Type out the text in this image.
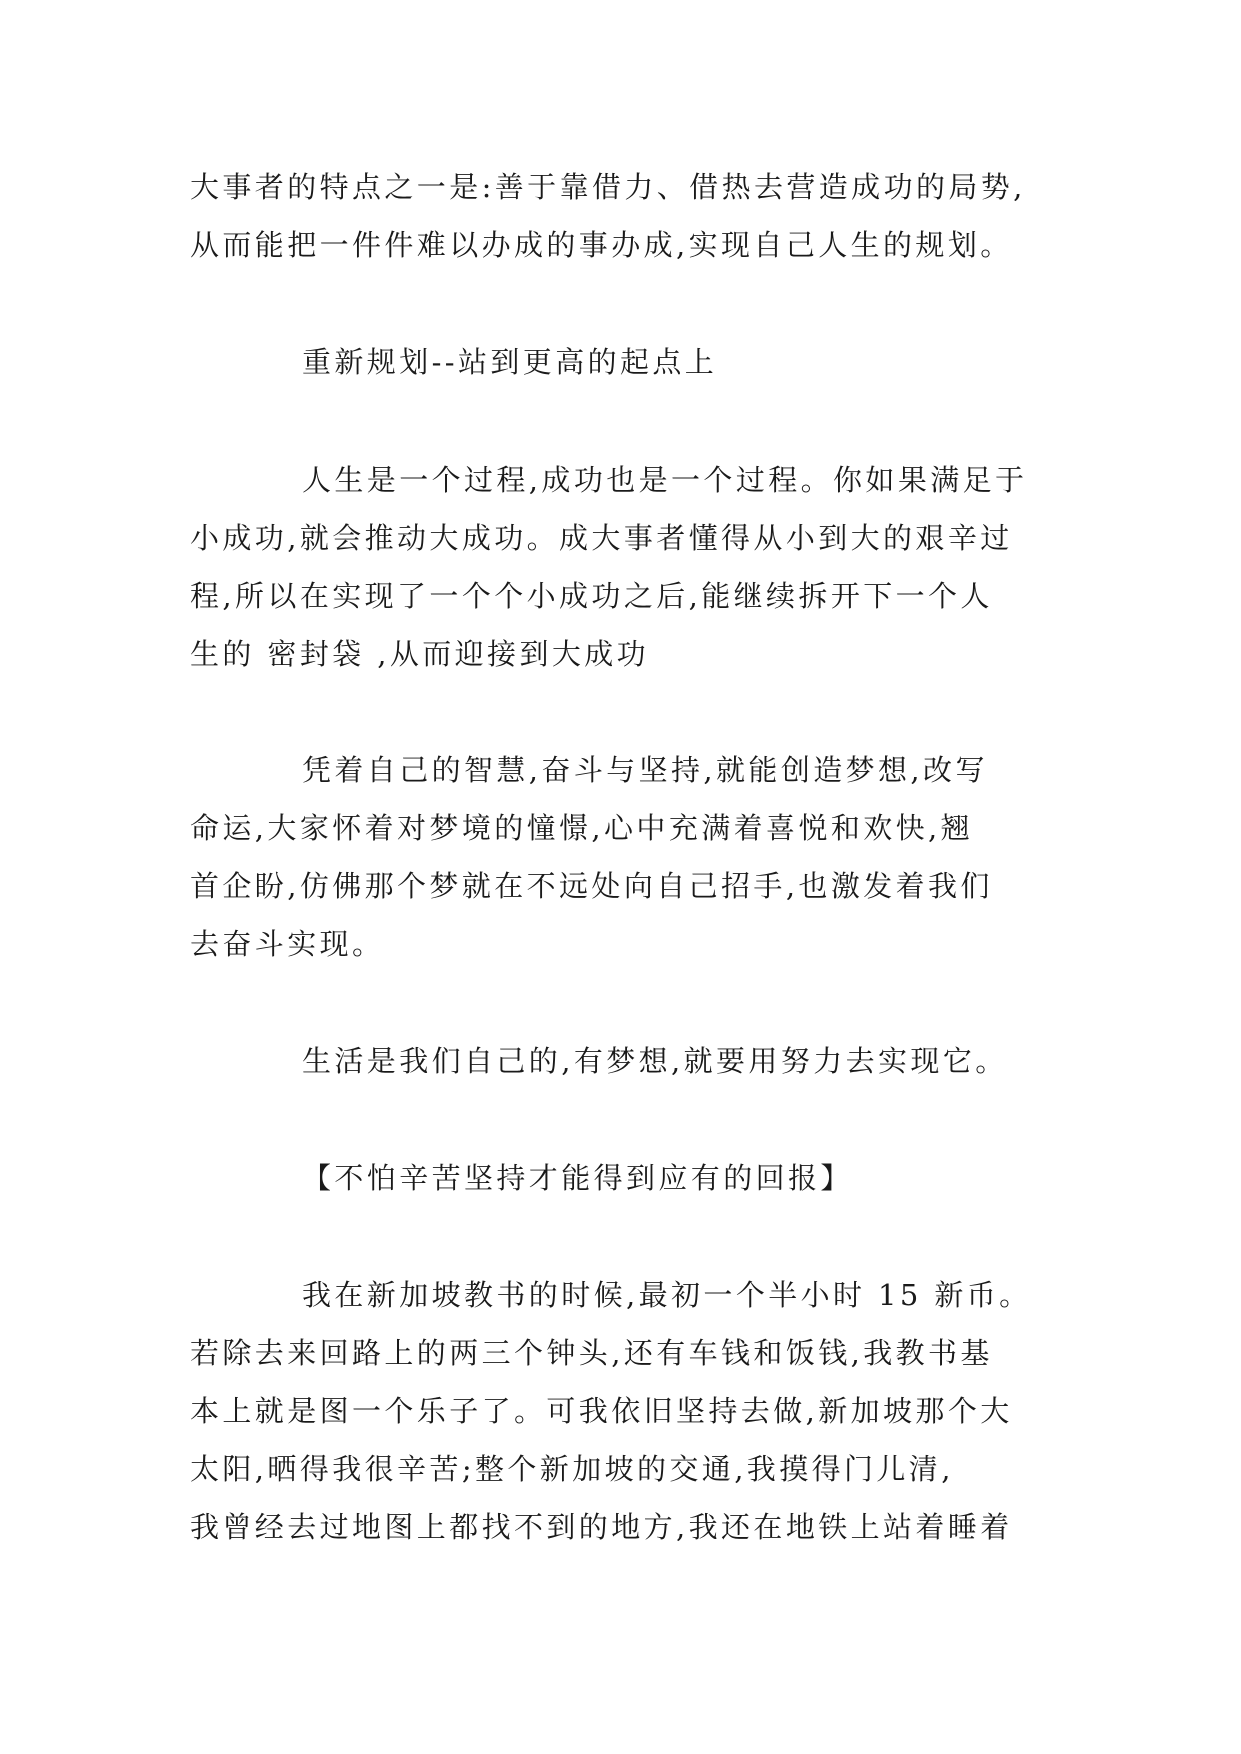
大事者的特点之一是:善于靠借力、借热去营造成功的局势,
从而能把一件件难以办成的事办成,实现自己人生的规划。
重新规划--站到更高的起点上
人生是一个过程,成功也是一个过程。你如果满足于
小成功,就会推动大成功。成大事者懂得从小到大的艰辛过
程,所以在实现了一个个小成功之后,能继续拆开下一个人
生的 密封袋 ,从而迎接到大成功
凭着自己的智慧,奋斗与坚持,就能创造梦想,改写
命运,大家怀着对梦境的憧憬,心中充满着喜悦和欢快,翘
首企盼,仿佛那个梦就在不远处向自己招手,也激发着我们
去奋斗实现。
生活是我们自己的,有梦想,就要用努力去实现它。
【不怕辛苦坚持才能得到应有的回报】
我在新加坡教书的时候,最初一个半小时 15 新币。
若除去来回路上的两三个钟头,还有车钱和饭钱,我教书基
本上就是图一个乐子了。可我依旧坚持去做,新加坡那个大
太阳,晒得我很辛苦;整个新加坡的交通,我摸得门儿清,
我曾经去过地图上都找不到的地方,我还在地铁上站着睡着
